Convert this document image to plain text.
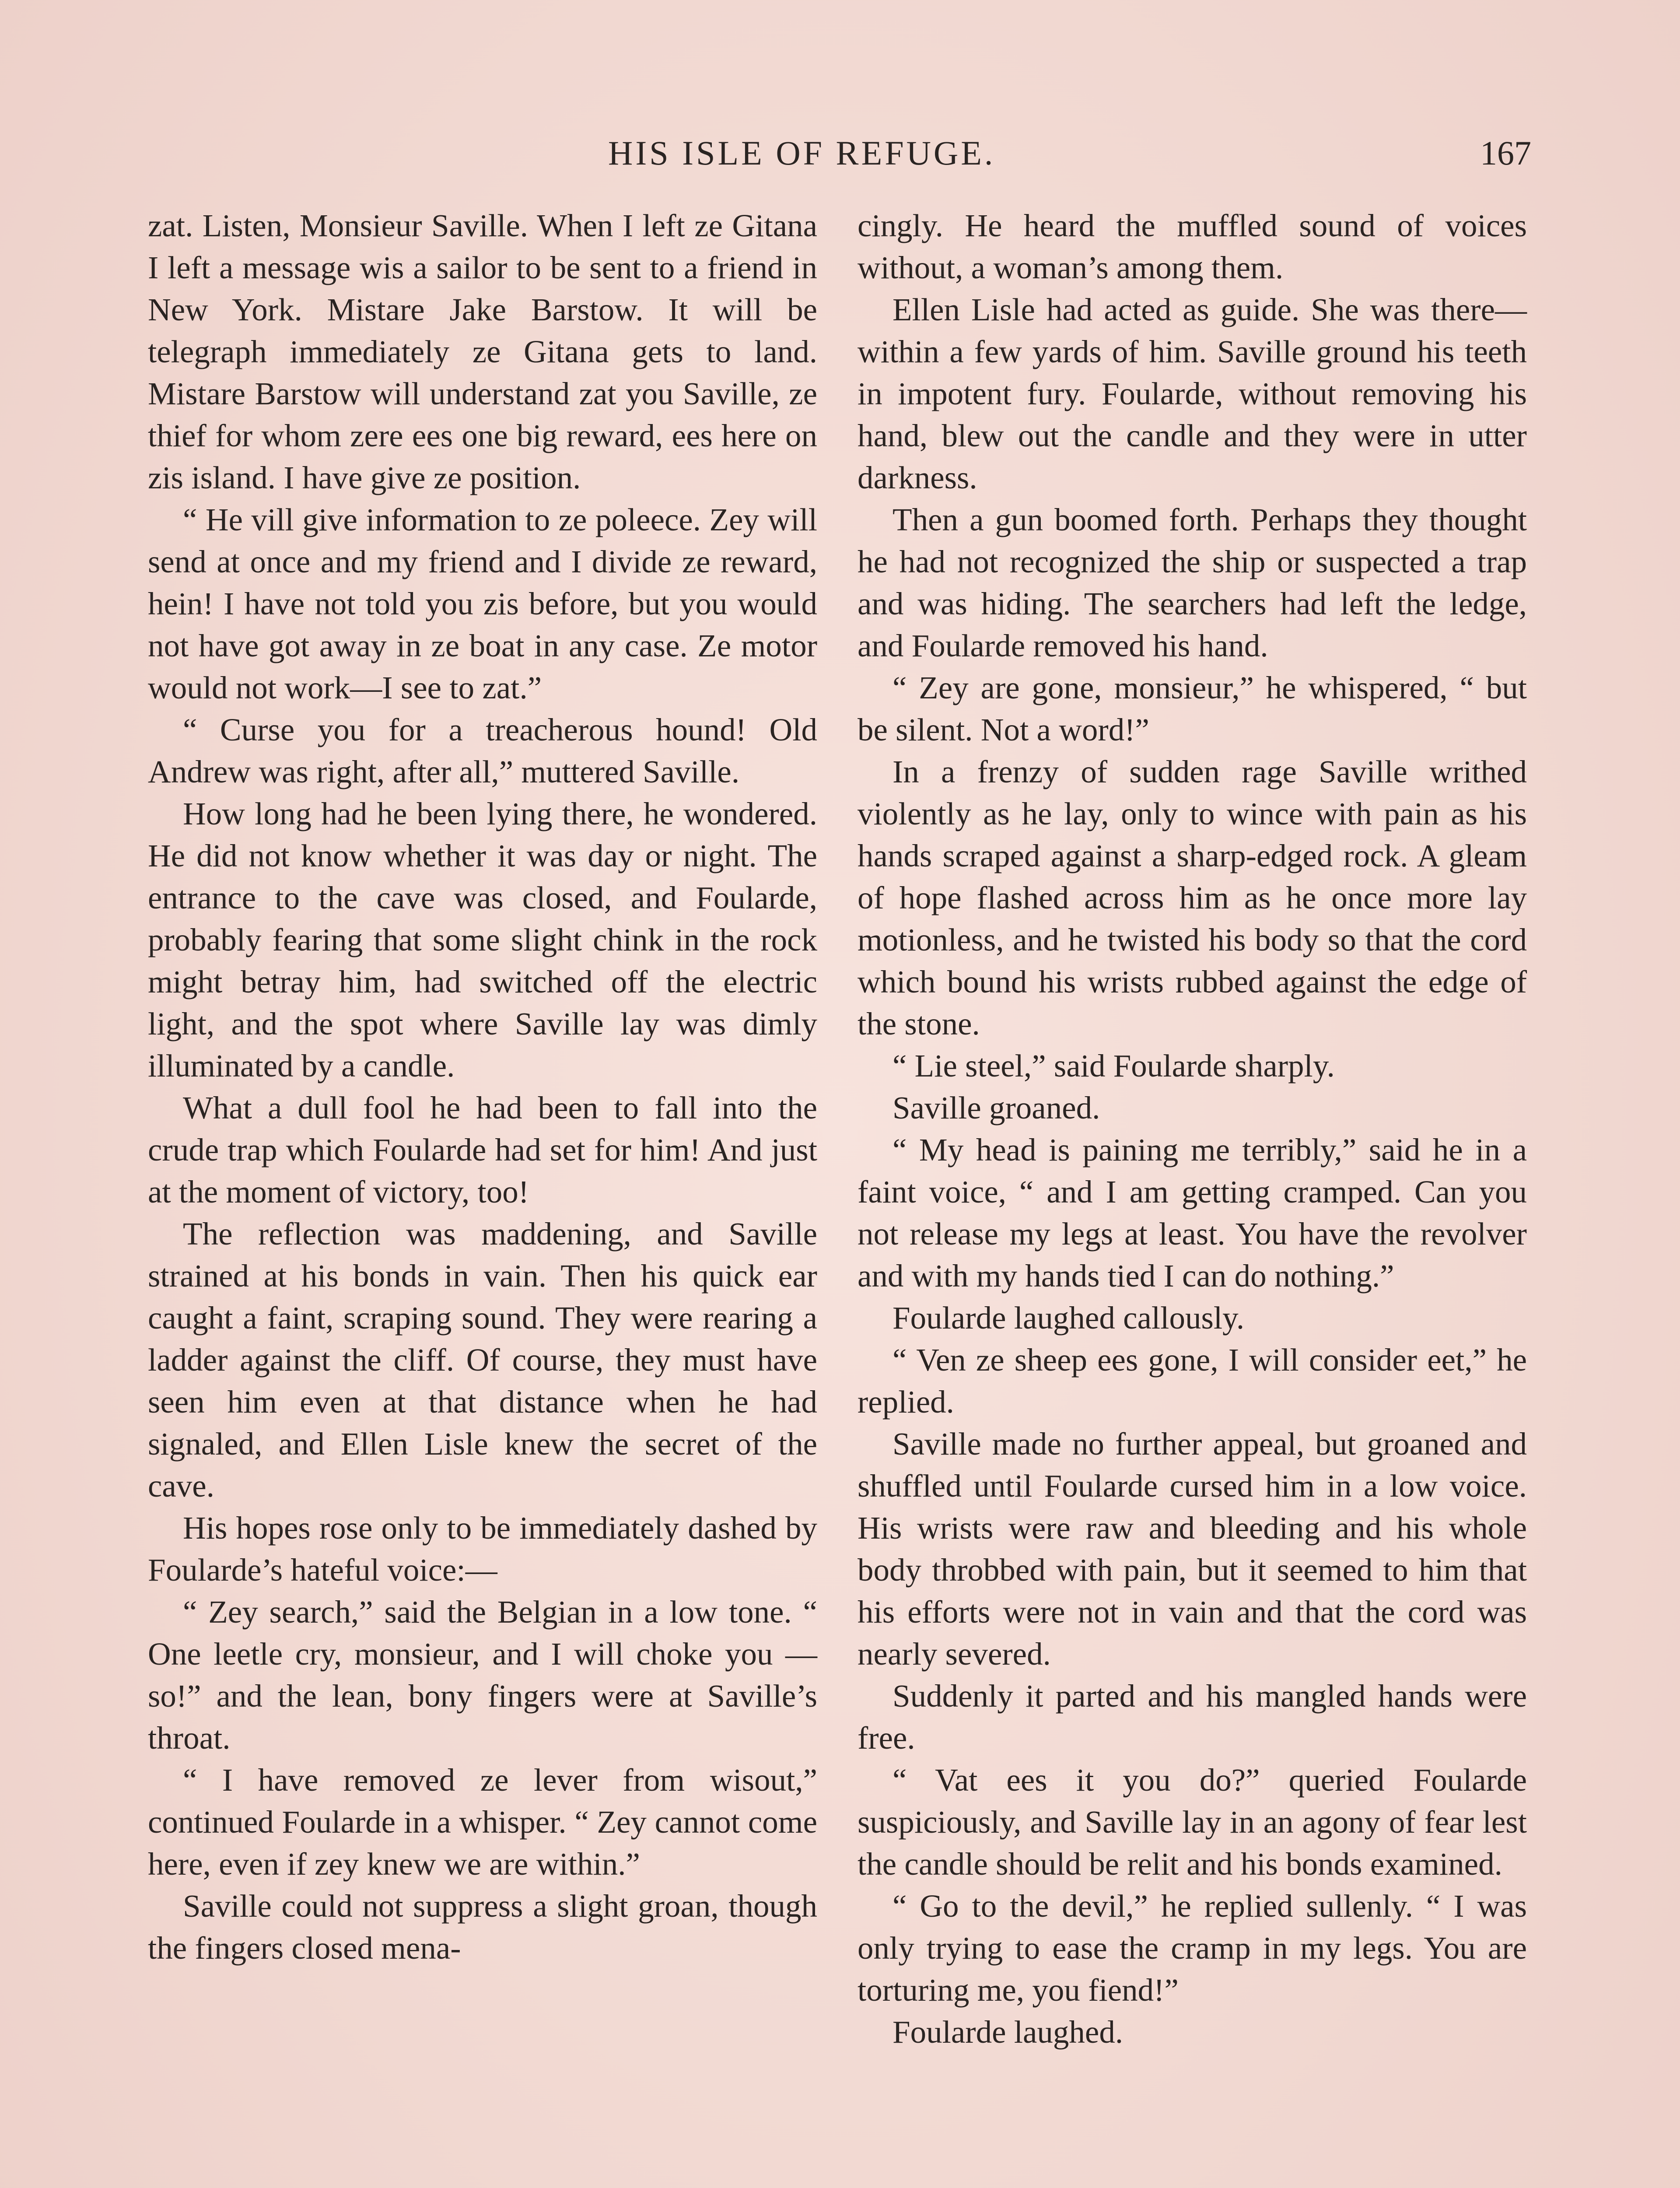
HIS ISLE OF REFUGE.	167

zat. Listen, Monsieur Saville. When I left ze Gitana I left a message wis a sailor to be sent to a friend in New York. Mistare Jake Barstow. It will be telegraph immediately ze Gitana gets to land. Mistare Barstow will understand zat you Saville, ze thief for whom zere ees one big reward, ees here on zis island. I have give ze position.

“ He vill give information to ze poleece. Zey will send at once and my friend and I divide ze reward, hein! I have not told you zis before, but you would not have got away in ze boat in any case. Ze motor would not work—I see to zat.”

“ Curse you for a treacherous hound! Old Andrew was right, after all,” muttered Saville.

How long had he been lying there, he wondered. He did not know whether it was day or night. The entrance to the cave was closed, and Foularde, probably fearing that some slight chink in the rock might betray him, had switched off the electric light, and the spot where Saville lay was dimly illuminated by a candle.

What a dull fool he had been to fall into the crude trap which Foularde had set for him! And just at the moment of victory, too!

The reflection was maddening, and Saville strained at his bonds in vain. Then his quick ear caught a faint, scraping sound. They were rearing a ladder against the cliff. Of course, they must have seen him even at that distance when he had signaled, and Ellen Lisle knew the secret of the cave.

His hopes rose only to be immediately dashed by Foularde’s hateful voice:—

“ Zey search,” said the Belgian in a low tone. “ One leetle cry, monsieur, and I will choke you — so!” and the lean, bony fingers were at Saville’s throat.

“ I have removed ze lever from wisout,” continued Foularde in a whisper. “ Zey cannot come here, even if zey knew we are within.”

Saville could not suppress a slight groan, though the fingers closed mena-

cingly. He heard the muffled sound of voices without, a woman’s among them.

Ellen Lisle had acted as guide. She was there—within a few yards of him. Saville ground his teeth in impotent fury. Foularde, without removing his hand, blew out the candle and they were in utter darkness.

Then a gun boomed forth. Perhaps they thought he had not recognized the ship or suspected a trap and was hiding. The searchers had left the ledge, and Foularde removed his hand.

“ Zey are gone, monsieur,” he whispered, “ but be silent. Not a word!”

In a frenzy of sudden rage Saville writhed violently as he lay, only to wince with pain as his hands scraped against a sharp-edged rock. A gleam of hope flashed across him as he once more lay motionless, and he twisted his body so that the cord which bound his wrists rubbed against the edge of the stone.

“ Lie steel,” said Foularde sharply.

Saville groaned.

“ My head is paining me terribly,” said he in a faint voice, “ and I am getting cramped. Can you not release my legs at least. You have the revolver and with my hands tied I can do nothing.”

Foularde laughed callously.

“ Ven ze sheep ees gone, I will consider eet,” he replied.

Saville made no further appeal, but groaned and shuffled until Foularde cursed him in a low voice. His wrists were raw and bleeding and his whole body throbbed with pain, but it seemed to him that his efforts were not in vain and that the cord was nearly severed.

Suddenly it parted and his mangled hands were free.

“ Vat ees it you do?” queried Foularde suspiciously, and Saville lay in an agony of fear lest the candle should be relit and his bonds examined.

“ Go to the devil,” he replied sullenly. “ I was only trying to ease the cramp in my legs. You are torturing me, you fiend!”

Foularde laughed.
